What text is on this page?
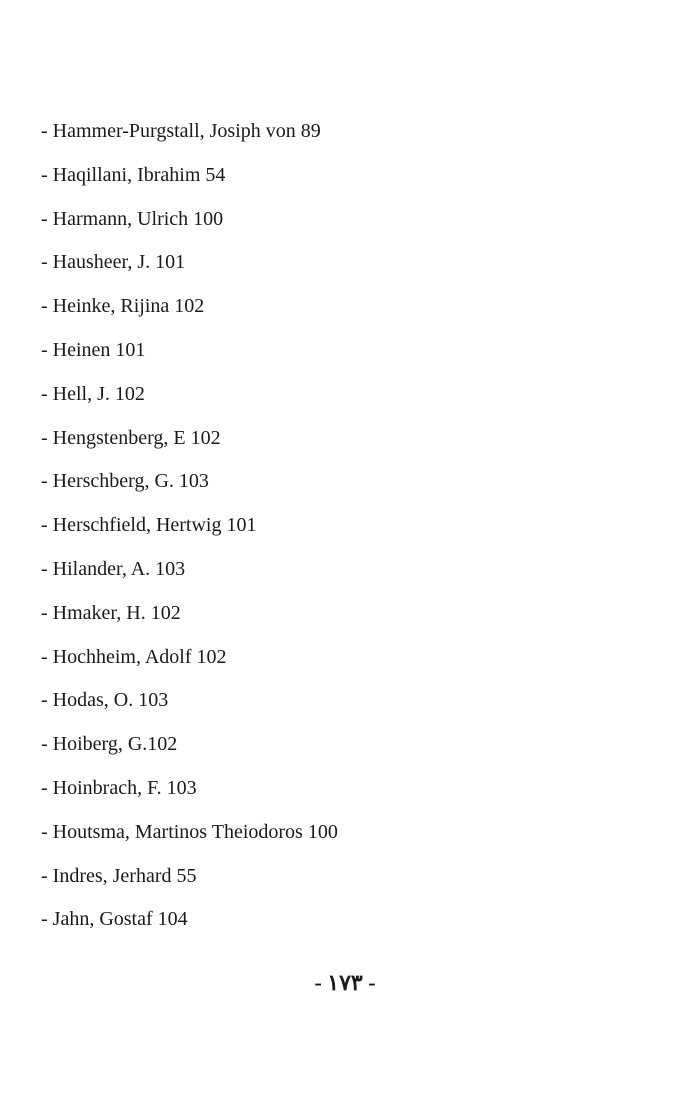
- Hammer-Purgstall, Josiph von 89
- Haqillani, Ibrahim 54
- Harmann, Ulrich 100
- Hausheer, J. 101
- Heinke, Rijina 102
- Heinen 101
- Hell, J. 102
- Hengstenberg, E 102
- Herschberg, G. 103
- Herschfield, Hertwig 101
- Hilander, A. 103
- Hmaker, H. 102
- Hochheim, Adolf 102
- Hodas, O. 103
- Hoiberg, G.102
- Hoinbrach, F. 103
- Houtsma, Martinos Theiodoros 100
- Indres, Jerhard 55
- Jahn, Gostaf 104
- ١٧٣ -
